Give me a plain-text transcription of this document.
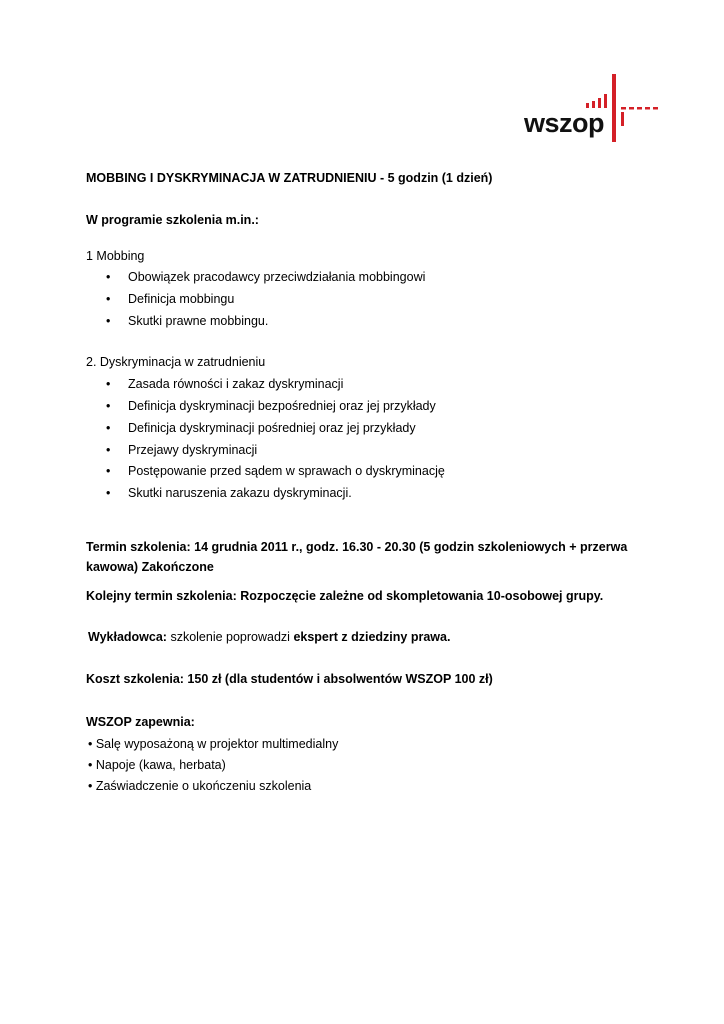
wszop
MOBBING I DYSKRYMINACJA W ZATRUDNIENIU - 5 godzin (1 dzień)
W programie szkolenia m.in.:
1 Mobbing
• Obowiązek pracodawcy przeciwdziałania mobbingowi
• Definicja mobbingu
• Skutki prawne mobbingu.
2. Dyskryminacja w zatrudnieniu
• Zasada równości i zakaz dyskryminacji
• Definicja dyskryminacji bezpośredniej oraz jej przykłady
• Definicja dyskryminacji pośredniej oraz jej przykłady
• Przejawy dyskryminacji
• Postępowanie przed sądem w sprawach o dyskryminację
• Skutki naruszenia zakazu dyskryminacji.
Termin szkolenia: 14 grudnia 2011 r., godz. 16.30 - 20.30 (5 godzin szkoleniowych + przerwa kawowa) Zakończone
Kolejny termin szkolenia: Rozpoczęcie zależne od skompletowania 10-osobowej grupy.
Wykładowca: szkolenie poprowadzi ekspert z dziedziny prawa.
Koszt szkolenia: 150 zł (dla studentów i absolwentów WSZOP 100 zł)
WSZOP zapewnia:
• Salę wyposażoną w projektor multimedialny
• Napoje (kawa, herbata)
• Zaświadczenie o ukończeniu szkolenia
